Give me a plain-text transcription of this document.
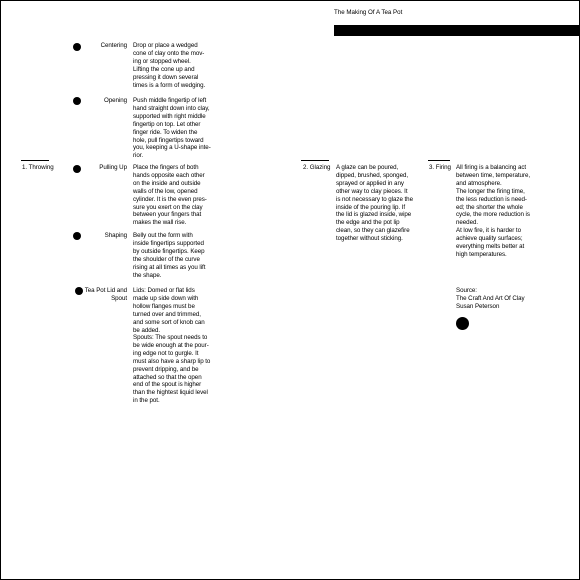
The Making Of A Tea Pot
1. Throwing
Centering Drop or place a wedged
cone of clay onto the mov-
ing or stopped wheel.
Lifting the cone up and
pressing it down several
times is a form of wedging.
Opening Push middle fingertip of left
hand straight down into clay,
supported with right middle
fingertip on top. Let other
finger ride. To widen the
hole, pull fingertips toward
you, keeping a U-shape inte-
rior.
Pulling Up Place the fingers of both
hands opposite each other
on the inside and outside
walls of the low, opened
cylinder. It is the even pres-
sure you exert on the clay
between your fingers that
makes the wall rise.
Shaping Belly out the form with
inside fingertips supported
by outside fingertips. Keep
the shoulder of the curve
rising at all times as you lift
the shape.
Tea Pot Lid and
Spout
Lids: Domed or flat lids
made up side down with
hollow flanges must be
turned over and trimmed,
and some sort of knob can
be added.
Spouts: The spout needs to
be wide enough at the pour-
ing edge not to gurgle. It
must also have a sharp lip to
prevent dripping, and be
attached so that the open
end of the spout is higher
than the hightest liquid level
in the pot.
2. Glazing A glaze can be poured,
dipped, brushed, sponged,
sprayed or applied in any
other way to clay pieces. It
is not necessary to glaze the
inside of the pouring lip. If
the lid is glazed inside, wipe
the edge and the pot lip
clean, so they can glazefire
together without sticking.
3. Firing All firing is a balancing act
between time, temperature,
and atmosphere.
The longer the firing time,
the less reduction is need-
ed; the shorter the whole
cycle, the more reduction is
needed.
At low fire, it is harder to
achieve quality surfaces;
everything melts better at
high temperatures.
Source:
The Craft And Art Of Clay
Susan Peterson
